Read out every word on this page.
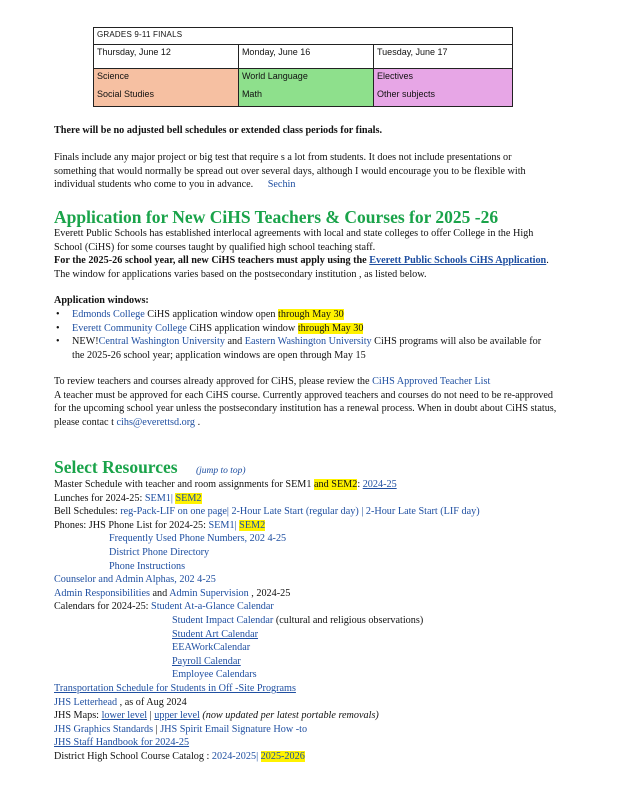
GRADES 9-11 FINALS		
Thursday, June 12	Monday, June 16	Tuesday, June 17
Science	World Language	Electives
Social Studies	Math	Other subjects
There will be no adjusted bell schedules or extended class periods for finals.
Finals include any major project or big test that require s a lot from students. It does not include presentations or something that would normally be spread out over several days, although I would encourage you to be flexible with individual students who come to you in advance. Sechin
Application for New CiHS Teachers & Courses for 2025 -26
Everett Public Schools has established interlocal agreements with local and state colleges to offer College in the High School (CiHS) for some courses taught by qualified high school teaching staff.
For the 2025-26 school year, all new CiHS teachers must apply using the Everett Public Schools CiHS Application. The window for applications varies based on the postsecondary institution , as listed below.
Application windows:
• Edmonds College CiHS application window open through May 30
• Everett Community College CiHS application window through May 30
• NEW!Central Washington University and Eastern Washington University CiHS programs will also be available for the 2025-26 school year; application windows are open through May 15
To review teachers and courses already approved for CiHS, please review the CiHS Approved Teacher List
A teacher must be approved for each CiHS course. Currently approved teachers and courses do not need to be re-approved for the upcoming school year unless the postsecondary institution has a renewal process. When in doubt about CiHS status, please contac t cihs@everettsd.org .
Select Resources (jump to top)
Master Schedule with teacher and room assignments for SEM1 and SEM2: 2024-25
Lunches for 2024-25: SEM1| SEM2
Bell Schedules: reg-Pack-LIF on one page| 2-Hour Late Start (regular day) | 2-Hour Late Start (LIF day)
Phones: JHS Phone List for 2024-25: SEM1| SEM2
Frequently Used Phone Numbers, 202 4-25
District Phone Directory
Phone Instructions
Counselor and Admin Alphas, 202 4-25
Admin Responsibilities and Admin Supervision , 2024-25
Calendars for 2024-25: Student At-a-Glance Calendar
Student Impact Calendar (cultural and religious observations)
Student Art Calendar
EEAWorkCalendar
Payroll Calendar
Employee Calendars
Transportation Schedule for Students in Off -Site Programs
JHS Letterhead , as of Aug 2024
JHS Maps: lower level | upper level (now updated per latest portable removals)
JHS Graphics Standards | JHS Spirit Email Signature How -to
JHS Staff Handbook for 2024-25
District High School Course Catalog : 2024-2025| 2025-2026
